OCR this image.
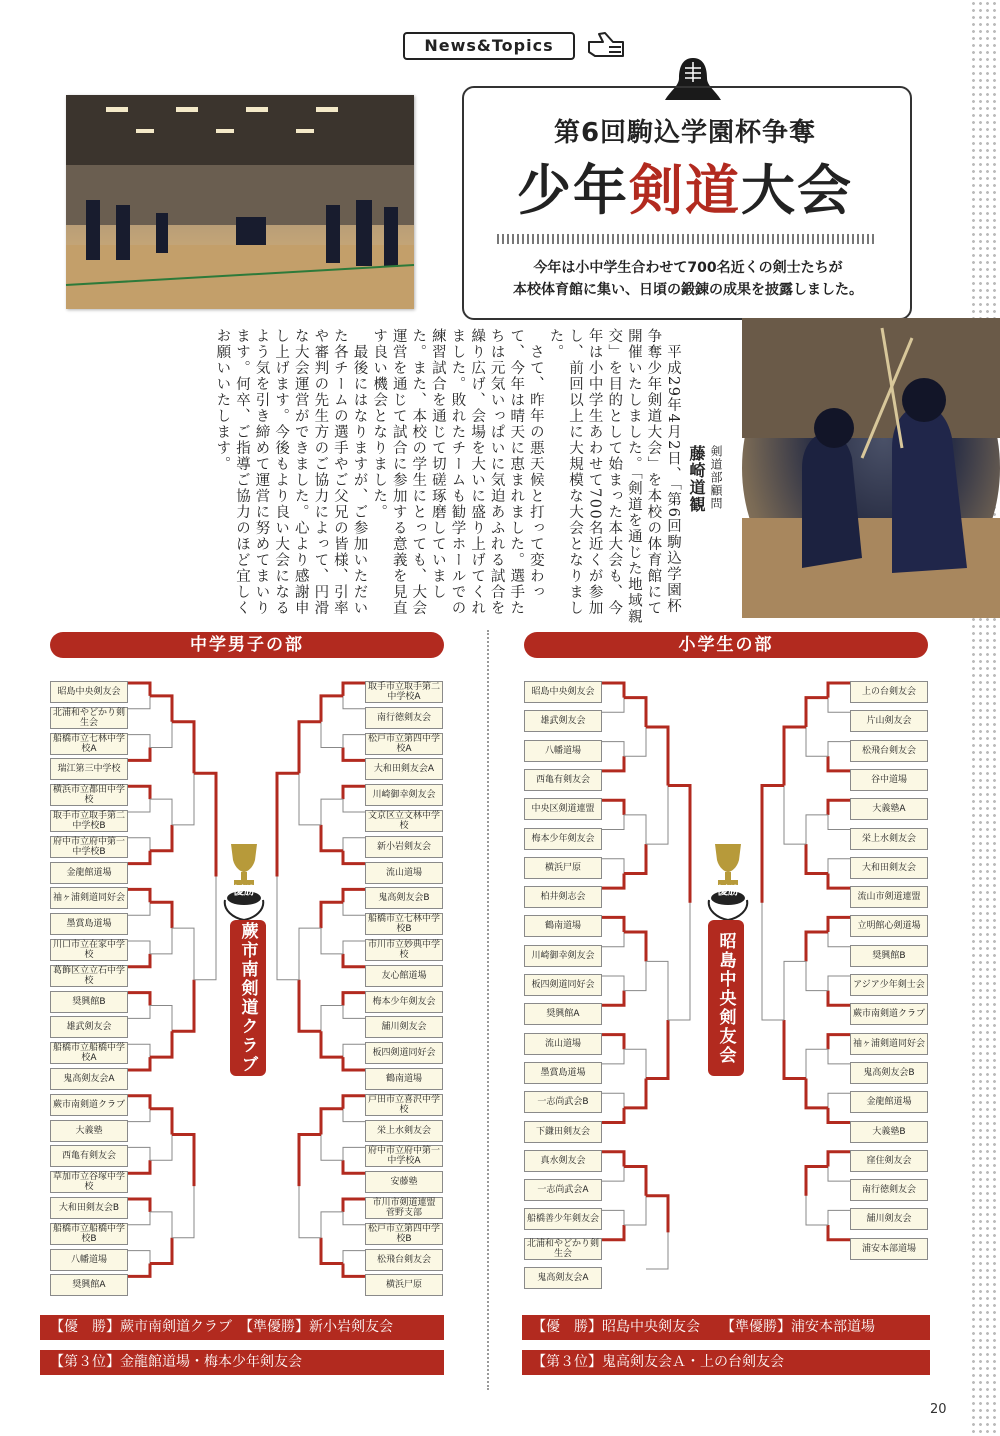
News&Topics
第6回駒込学園杯争奪
少年剣道大会
今年は小中学生合わせて700名近くの剣士たちが
本校体育館に集い、日頃の鍛錬の成果を披露しました。
剣道部顧問
藤崎道観
　平成29年4月2日、「第6回駒込学園杯争奪少年剣道大会」を本校の体育館にて開催いたしました。「剣道を通じた地域親交」を目的として始まった本大会も、今年は小中学生あわせて700名近くが参加し、前回以上に大規模な大会となりました。
　さて、昨年の悪天候と打って変わって、今年は晴天に恵まれました。選手たちは元気いっぱいに気迫あふれる試合を繰り広げ、会場を大いに盛り上げてくれました。敗れたチームも勧学ホールでの練習試合を通じて切磋琢磨していました。また、本校の学生にとっても、大会運営を通じて試合に参加する意義を見直す良い機会となりました。
　最後にはなりますが、ご参加いただいた各チームの選手やご父兄の皆様、引率や審判の先生方のご協力によって、円滑な大会運営ができました。心より感謝申し上げます。今後もより良い大会になるよう気を引き締めて運営に努めてまいります。何卒、ご指導ご協力のほど宜しくお願いいたします。
中学男子の部
昭島中央剣友会
北浦和やどかり剣生会
船橋市立七林中学校A
瑞江第三中学校
横浜市立都田中学校
取手市立取手第二中学校B
府中市立府中第一中学校B
金龍館道場
袖ヶ浦剣道同好会
墨賞島道場
川口市立在家中学校
葛飾区立立石中学校
奨興館B
雄武剣友会
船橋市立船橋中学校A
鬼高剣友会A
蕨市南剣道クラブ
大義塾
西亀有剣友会
草加市立谷塚中学校
大和田剣友会B
船橋市立船橋中学校B
八幡道場
奨興館A
取手市立取手第二中学校A
南行徳剣友会
松戸市立第四中学校A
大和田剣友会A
川崎御幸剣友会
文京区立文林中学校
新小岩剣友会
流山道場
鬼高剣友会B
船橋市立七林中学校B
市川市立妙典中学校
友心館道場
梅本少年剣友会
舗川剣友会
板四剣道同好会
鶴南道場
戸田市立喜沢中学校
栄上水剣友会
府中市立府中第一中学校A
安藤塾
市川市剣道連盟　菅野支部
松戸市立第四中学校B
松飛台剣友会
横浜尸原
優勝
蕨市南剣道クラブ
【優　勝】蕨市南剣道クラブ　【準優勝】新小岩剣友会
【第３位】金龍館道場・梅本少年剣友会
小学生の部
昭島中央剣友会
雄武剣友会
八幡道場
西亀有剣友会
中央区剣道連盟
梅本少年剣友会
横浜尸原
柏井剣志会
鶴南道場
川崎御幸剣友会
板四剣道同好会
奨興館A
流山道場
墨賞島道場
一志尚武会B
下鎌田剣友会
真水剣友会
一志尚武会A
船橋善少年剣友会
北浦和やどかり剣生会
鬼高剣友会A
上の台剣友会
片山剣友会
松飛台剣友会
谷中道場
大義塾A
栄上水剣友会
大和田剣友会
流山市剣道連盟
立明館心剣道場
奨興館B
アジア少年剣士会
蕨市南剣道クラブ
袖ヶ浦剣道同好会
鬼高剣友会B
金龍館道場
大義塾B
窪住剣友会
南行徳剣友会
舗川剣友会
浦安本部道場
優勝
昭島中央剣友会
【優　勝】昭島中央剣友会　　【準優勝】浦安本部道場
【第３位】鬼高剣友会Ａ・上の台剣友会
20
